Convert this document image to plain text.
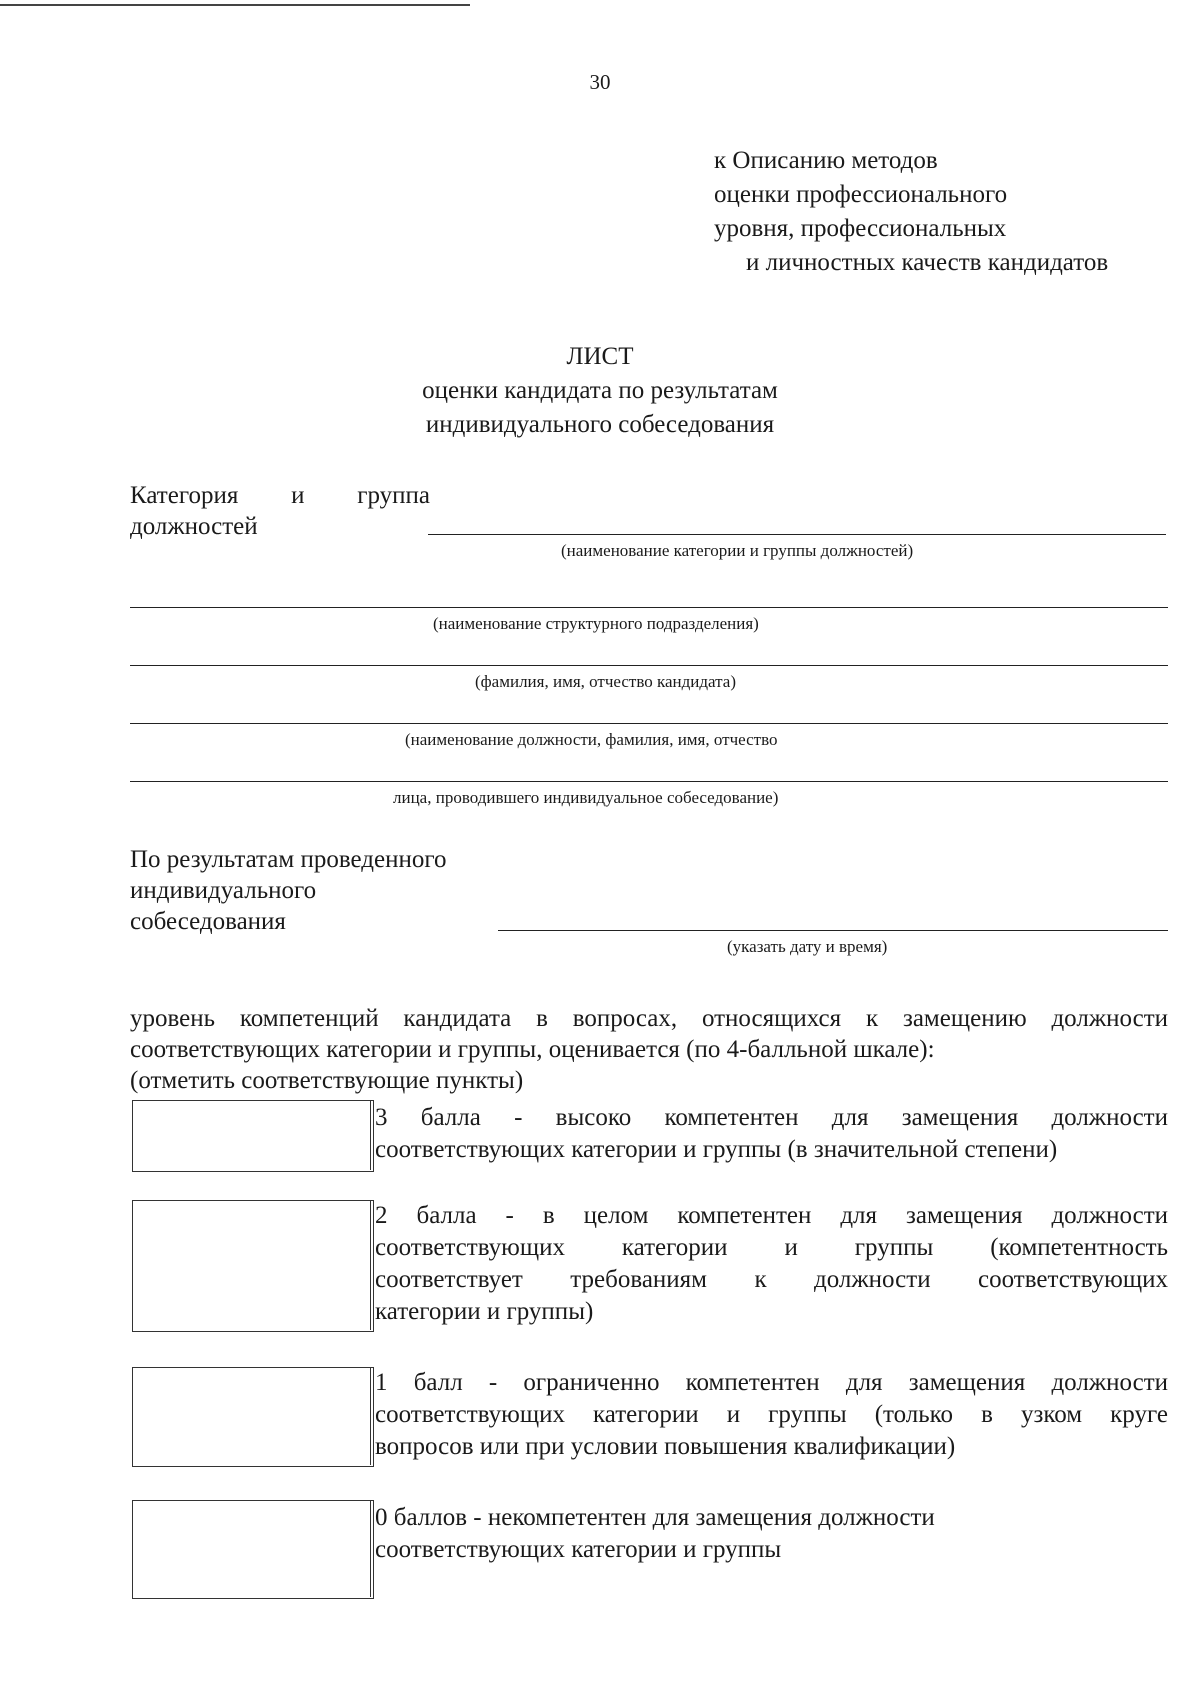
30
к Описанию методов
оценки профессионального
уровня, профессиональных
и личностных качеств кандидатов
ЛИСТ
оценки кандидата по результатам
индивидуального собеседования
Категория и группа
должностей
(наименование категории и группы должностей)
(наименование структурного подразделения)
(фамилия, имя, отчество кандидата)
(наименование должности, фамилия, имя, отчество
лица, проводившего индивидуальное собеседование)
По результатам проведенного
индивидуального
собеседования
(указать дату и время)
уровень компетенций кандидата в вопросах, относящихся к замещению должности
соответствующих категории и группы, оценивается (по 4-балльной шкале):
(отметить соответствующие пункты)
3 балла - высоко компетентен для замещения должности
соответствующих категории и группы (в значительной степени)
2 балла - в целом компетентен для замещения должности
соответствующих категории и группы (компетентность
соответствует требованиям к должности соответствующих
категории и группы)
1 балл - ограниченно компетентен для замещения должности
соответствующих категории и группы (только в узком круге
вопросов или при условии повышения квалификации)
0 баллов - некомпетентен для замещения должности
соответствующих категории и группы
